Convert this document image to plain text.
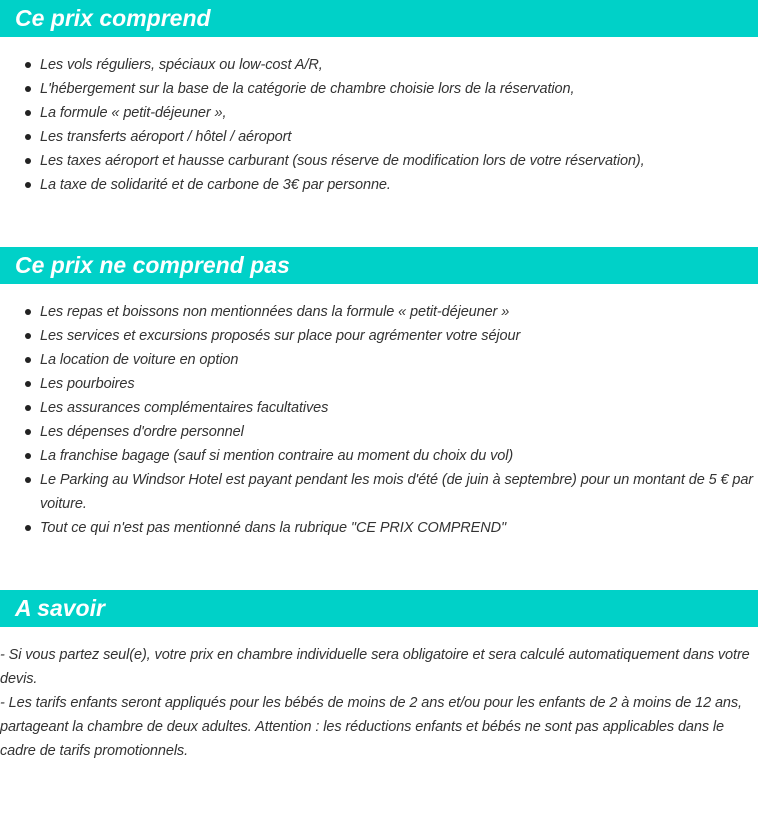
Ce prix comprend
Les vols réguliers, spéciaux ou low-cost A/R,
L'hébergement sur la base de la catégorie de chambre choisie lors de la réservation,
La formule « petit-déjeuner »,
Les transferts aéroport / hôtel / aéroport
Les taxes aéroport et hausse carburant (sous réserve de modification lors de votre réservation),
La taxe de solidarité et de carbone de 3€ par personne.
Ce prix ne comprend pas
Les repas et boissons non mentionnées dans la formule « petit-déjeuner »
Les services et excursions proposés sur place pour agrémenter votre séjour
La location de voiture en option
Les pourboires
Les assurances complémentaires facultatives
Les dépenses d'ordre personnel
La franchise bagage (sauf si mention contraire au moment du choix du vol)
Le Parking au Windsor Hotel est payant pendant les mois d'été (de juin à septembre) pour un montant de 5 € par voiture.
Tout ce qui n'est pas mentionné dans la rubrique "CE PRIX COMPREND"
A savoir

- Si vous partez seul(e), votre prix en chambre individuelle sera obligatoire et sera calculé automatiquement dans votre devis.

- Les tarifs enfants seront appliqués pour les bébés de moins de 2 ans et/ou pour les enfants de 2 à moins de 12 ans, partageant la chambre de deux adultes. Attention : les réductions enfants et bébés ne sont pas applicables dans le cadre de tarifs promotionnels.
